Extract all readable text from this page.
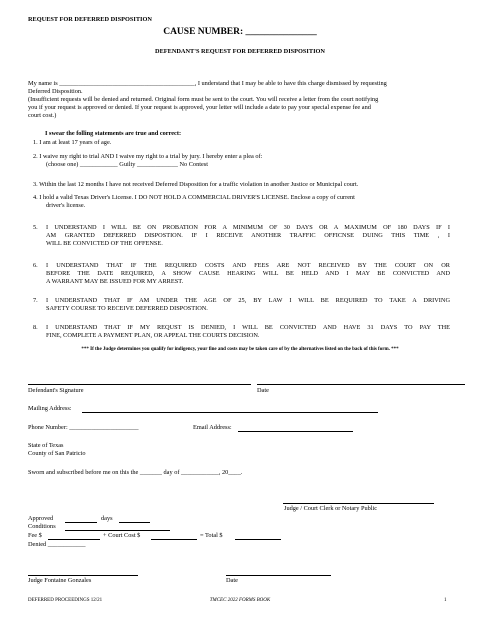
REQUEST FOR DEFERRED DISPOSITION
CAUSE NUMBER: _______________
DEFENDANT'S REQUEST FOR DEFERRED DISPOSITION
My name is ___________________________________________, I understand that I may be able to have this charge dismissed by requesting
Deferred Disposition.
(Insufficient requests will be denied and returned. Original form must be sent to the court. You will receive a letter from the court notifying
you if your request is approved or denied. If your request is approved, your letter will include a date to pay your special expense fee and
court cost.)
I swear the folling statements are true and correct:
1. I am at least 17 years of age.
2. I waive my right to trial AND I waive my right to a trial by jury. I hereby enter a plea of:
(choose one) ____________ Guilty _____________ No Contest
3. Within the last 12 months I have not received Deferred Disposition for a traffic violation in another Justice or Municipal court.
4. I hold a valid Texas Driver's License. I DO NOT HOLD A COMMERCIAL DRIVER'S LICENSE. Enclose a copy of current
driver's license.
5. I UNDERSTAND I WILL BE ON PROBATION FOR A MINIMUM OF 30 DAYS OR A MAXIMUM OF 180 DAYS IF I
AM GRANTED DEFERRED DISPOSTION. IF I RECEIVE ANOTHER TRAFFIC OFFICNSE DUING THIS TIME , I
WILL BE CONVICTED OF THE OFFENSE.
6. I UNDERSTAND THAT IF THE REQUIRED COSTS AND FEES ARE NOT RECEIVED BY THE COURT ON OR
BEFORE THE DATE REQUIRED, A SHOW CAUSE HEARING WILL BE HELD AND I MAY BE CONVICTED AND
A WARRANT MAY BE ISSUED FOR MY ARREST.
7. I UNDERSTAND THAT IF AM UNDER THE AGE OF 25, BY LAW I WILL BE REQUIRED TO TAKE A DRIVING
SAFETY COURSE TO RECEIVE DEFERRED DISPOSTION.
8. I UNDERSTAND THAT IF MY REQUST IS DENIED, I WILL BE CONVICTED AND HAVE 31 DAYS TO PAY THE
FINE, COMPLETE A PAYMENT PLAN, OR APPEAL THE COURTS DECISION.
*** If the Judge determines you qualify for indigency, your fine and costs may be taken care of by the alternatives listed on the back of this form. ***
Defendant's Signature	Date
Mailing Address:
Phone Number: ______________________	Email Address:
State of Texas
County of San Patricio
Sworn and subscribed before me on this the _______ day of ____________, 20____.
Judge / Court Clerk or Notary Public
Approved	days
Conditions
Fee $	+ Court Cost $	= Total $
Denied ____________
Judge Fontaine Gonzales	Date
DEFERRED PROCEEDINGS 12/21	TMCEC 2022 FORMS BOOK	1
